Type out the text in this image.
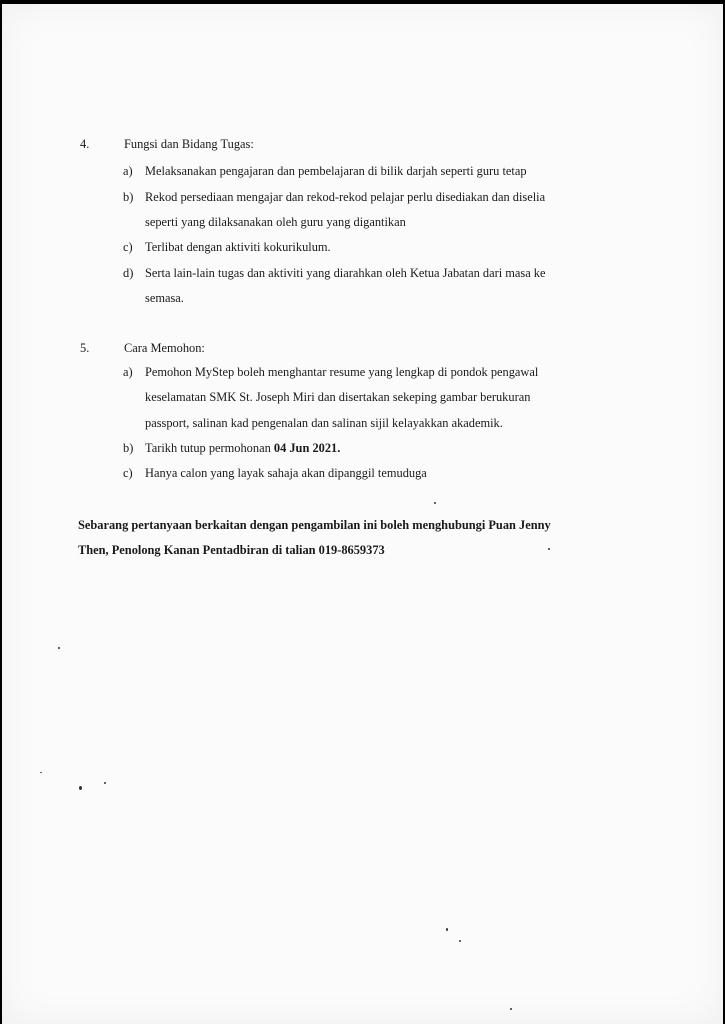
4.	Fungsi dan Bidang Tugas:
a) Melaksanakan pengajaran dan pembelajaran di bilik darjah seperti guru tetap
b) Rekod persediaan mengajar dan rekod-rekod pelajar perlu disediakan dan diselia
seperti yang dilaksanakan oleh guru yang digantikan
c) Terlibat dengan aktiviti kokurikulum.
d) Serta lain-lain tugas dan aktiviti yang diarahkan oleh Ketua Jabatan dari masa ke
semasa.
5.	Cara Memohon:
a) Pemohon MyStep boleh menghantar resume yang lengkap di pondok pengawal
keselamatan SMK St. Joseph Miri dan disertakan sekeping gambar berukuran
passport, salinan kad pengenalan dan salinan sijil kelayakkan akademik.
b) Tarikh tutup permohonan 04 Jun 2021.
c) Hanya calon yang layak sahaja akan dipanggil temuduga
Sebarang pertanyaan berkaitan dengan pengambilan ini boleh menghubungi Puan Jenny
Then, Penolong Kanan Pentadbiran di talian 019-8659373
